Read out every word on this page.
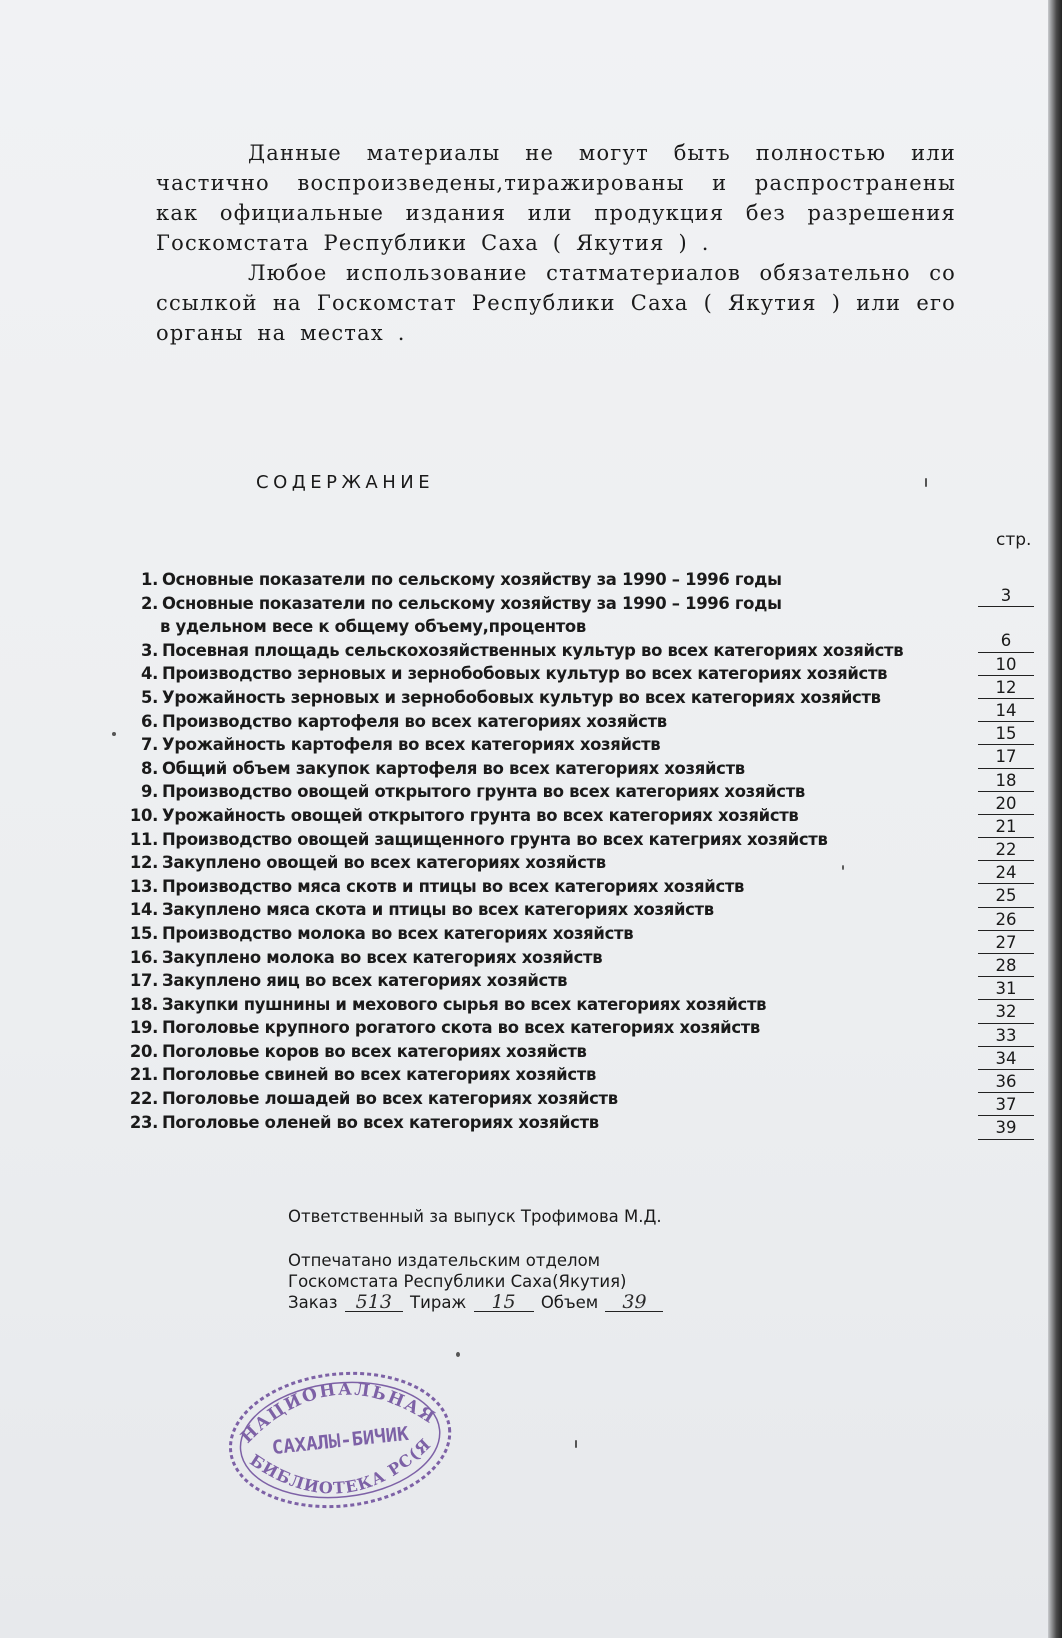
Данные материалы не могут быть полностью или частично воспроизведены,тиражированы и распространены как официальные издания или продукция без разрешения Госкомстата Республики Саха ( Якутия ) .

Любое использование статматериалов обязательно со ссылкой на Госкомстат Республики Саха ( Якутия ) или его органы на местах .

СОДЕРЖАНИЕ
стр.
1. Основные показатели по сельскому хозяйству за 1990 – 1996 годы
2. Основные показатели по сельскому хозяйству за 1990 – 1996 годы
в удельном весе к общему объему,процентов
3. Посевная площадь сельскохозяйственных культур во всех категориях хозяйств
4. Производство зерновых и зернобобовых культур во всех категориях хозяйств
5. Урожайность зерновых и зернобобовых культур во всех категориях хозяйств
6. Производство картофеля во всех категориях хозяйств
7. Урожайность картофеля во всех категориях хозяйств
8. Общий объем закупок картофеля во всех категориях хозяйств
9. Производство овощей открытого грунта во всех категориях хозяйств
10. Урожайность овощей открытого грунта во всех категориях хозяйств
11. Производство овощей защищенного грунта во всех категриях хозяйств
12. Закуплено овощей во всех категориях хозяйств
13. Производство мяса скотв и птицы во всех категориях хозяйств
14. Закуплено мяса скота и птицы во всех категориях хозяйств
15. Производство молока во всех категориях хозяйств
16. Закуплено молока во всех категориях хозяйств
17. Закуплено яиц во всех категориях хозяйств
18. Закупки пушнины и мехового сырья во всех категориях хозяйств
19. Поголовье крупного рогатого скота во всех категориях хозяйств
20. Поголовье коров во всех категориях хозяйств
21. Поголовье свиней во всех категориях хозяйств
22. Поголовье лошадей во всех категориях хозяйств
23. Поголовье оленей во всех категориях хозяйств
3
6
10
12
14
15
17
18
20
21
22
24
25
26
27
28
31
32
33
34
36
37
39
Ответственный за выпуск Трофимова М.Д.
Отпечатано издательским отделом
Госкомстата Республики Саха(Якутия)
Заказ 513 Тираж 15 Объем 39
НАЦИОНАЛЬНАЯ
САХАЛЫ-БИЧИК
БИБЛИОТЕКА РС(Я)
